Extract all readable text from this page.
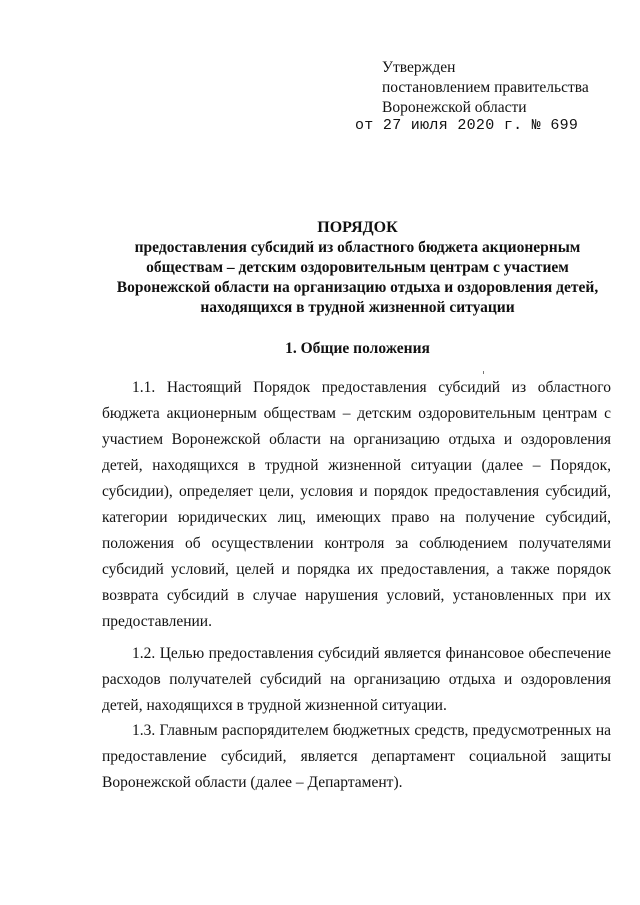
Утвержден
постановлением правительства
Воронежской области
от 27 июля 2020 г. № 699
ПОРЯДОК
предоставления субсидий из областного бюджета акционерным
обществам – детским оздоровительным центрам с участием
Воронежской области на организацию отдыха и оздоровления детей,
находящихся в трудной жизненной ситуации
1. Общие положения

1.1. Настоящий Порядок предоставления субсидий из областного бюджета акционерным обществам – детским оздоровительным центрам с участием Воронежской области на организацию отдыха и оздоровления детей, находящихся в трудной жизненной ситуации (далее – Порядок, субсидии), определяет цели, условия и порядок предоставления субсидий, категории юридических лиц, имеющих право на получение субсидий, положения об осуществлении контроля за соблюдением получателями субсидий условий, целей и порядка их предоставления, а также порядок возврата субсидий в случае нарушения условий, установленных при их предоставлении.

1.2. Целью предоставления субсидий является финансовое обеспечение расходов получателей субсидий на организацию отдыха и оздоровления детей, находящихся в трудной жизненной ситуации.

1.3. Главным распорядителем бюджетных средств, предусмотренных на предоставление субсидий, является департамент социальной защиты Воронежской области (далее – Департамент).
